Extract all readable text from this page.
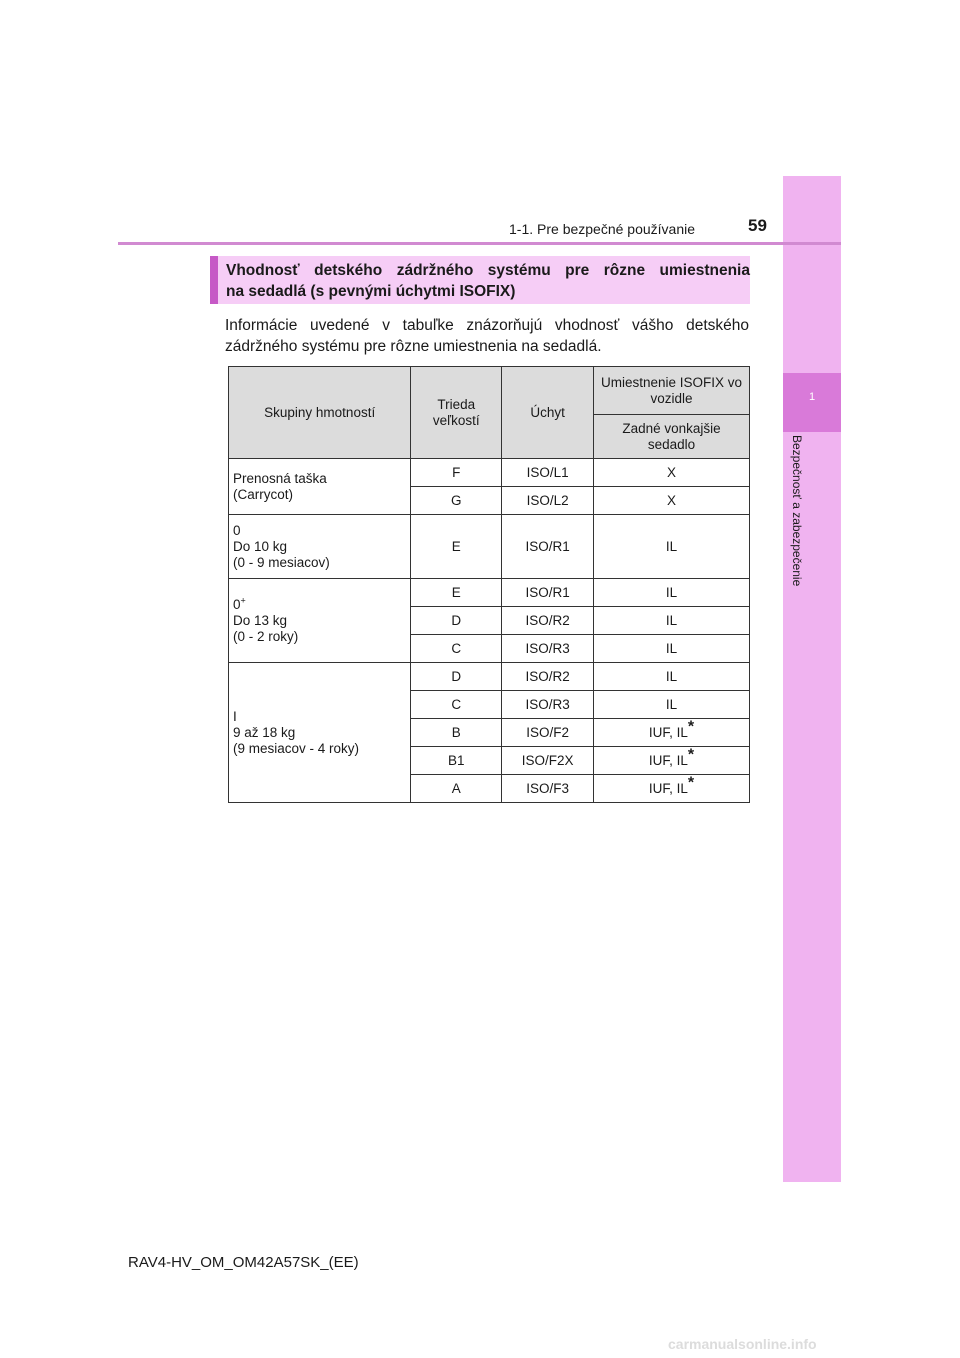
1
Bezpečnosť a zabezpečenie
1-1. Pre bezpečné používanie	59

Vhodnosť detského zádržného systému pre rôzne umiestnenia
na sedadlá (s pevnými úchytmi ISOFIX)

Informácie uvedené v tabuľke znázorňujú vhodnosť vášho detského
zádržného systému pre rôzne umiestnenia na sedadlá.
Skupiny hmotností	Trieda veľkostí	Úchyt	Umiestnenie ISOFIX vo vozidle
			Zadné vonkajšie sedadlo

Prenosná taška
(Carrycot)	F	ISO/L1	X
	G	ISO/L2	X

0
Do 10 kg
(0 - 9 mesiacov)	E	ISO/R1	IL

0+
Do 13 kg
(0 - 2 roky)	E	ISO/R1	IL
	D	ISO/R2	IL
	C	ISO/R3	IL

I
9 až 18 kg
(9 mesiacov - 4 roky)	D	ISO/R2	IL
	C	ISO/R3	IL
	B	ISO/F2	IUF, IL*
	B1	ISO/F2X	IUF, IL*
	A	ISO/F3	IUF, IL*
RAV4-HV_OM_OM42A57SK_(EE)
carmanualsonline.info
